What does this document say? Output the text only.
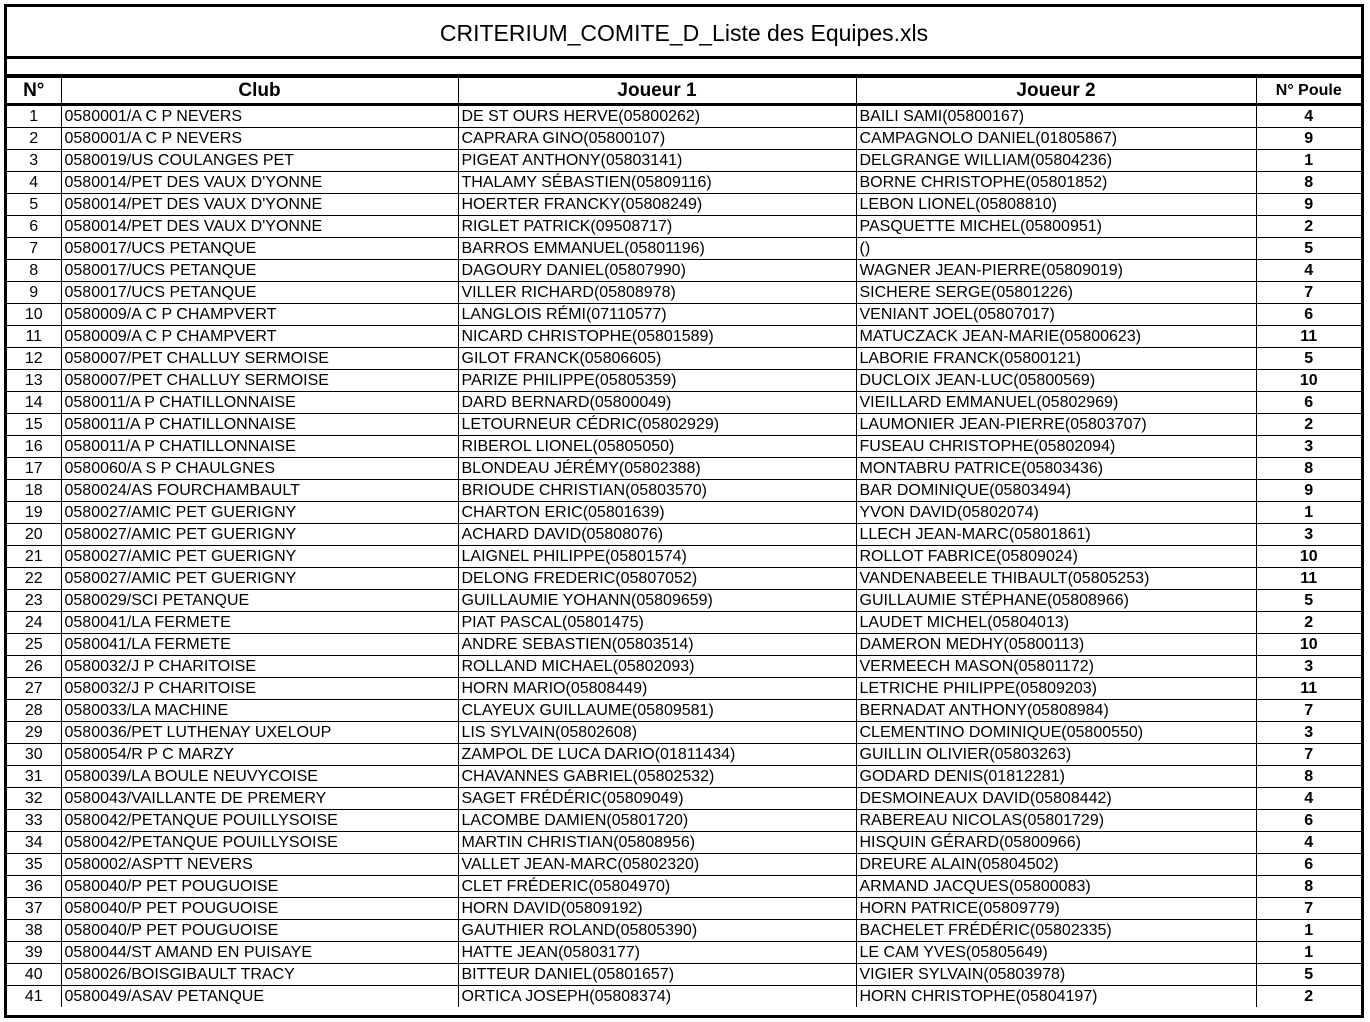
CRITERIUM_COMITE_D_Liste des Equipes.xls
N°	Club	Joueur 1	Joueur 2	N° Poule
1	0580001/A C P NEVERS	DE ST OURS HERVE(05800262)	BAILI SAMI(05800167)	4
2	0580001/A C P NEVERS	CAPRARA GINO(05800107)	CAMPAGNOLO DANIEL(01805867)	9
3	0580019/US COULANGES PET	PIGEAT ANTHONY(05803141)	DELGRANGE WILLIAM(05804236)	1
4	0580014/PET DES VAUX D'YONNE	THALAMY SÉBASTIEN(05809116)	BORNE CHRISTOPHE(05801852)	8
5	0580014/PET DES VAUX D'YONNE	HOERTER FRANCKY(05808249)	LEBON LIONEL(05808810)	9
6	0580014/PET DES VAUX D'YONNE	RIGLET PATRICK(09508717)	PASQUETTE MICHEL(05800951)	2
7	0580017/UCS PETANQUE	BARROS EMMANUEL(05801196)	()	5
8	0580017/UCS PETANQUE	DAGOURY DANIEL(05807990)	WAGNER JEAN-PIERRE(05809019)	4
9	0580017/UCS PETANQUE	VILLER RICHARD(05808978)	SICHERE SERGE(05801226)	7
10	0580009/A C P CHAMPVERT	LANGLOIS RÉMI(07110577)	VENIANT JOEL(05807017)	6
11	0580009/A C P CHAMPVERT	NICARD CHRISTOPHE(05801589)	MATUCZACK JEAN-MARIE(05800623)	11
12	0580007/PET CHALLUY SERMOISE	GILOT FRANCK(05806605)	LABORIE FRANCK(05800121)	5
13	0580007/PET CHALLUY SERMOISE	PARIZE PHILIPPE(05805359)	DUCLOIX JEAN-LUC(05800569)	10
14	0580011/A P CHATILLONNAISE	DARD BERNARD(05800049)	VIEILLARD EMMANUEL(05802969)	6
15	0580011/A P CHATILLONNAISE	LETOURNEUR CÉDRIC(05802929)	LAUMONIER JEAN-PIERRE(05803707)	2
16	0580011/A P CHATILLONNAISE	RIBEROL LIONEL(05805050)	FUSEAU CHRISTOPHE(05802094)	3
17	0580060/A S P CHAULGNES	BLONDEAU JÉRÉMY(05802388)	MONTABRU PATRICE(05803436)	8
18	0580024/AS FOURCHAMBAULT	BRIOUDE CHRISTIAN(05803570)	BAR DOMINIQUE(05803494)	9
19	0580027/AMIC PET GUERIGNY	CHARTON ERIC(05801639)	YVON DAVID(05802074)	1
20	0580027/AMIC PET GUERIGNY	ACHARD DAVID(05808076)	LLECH JEAN-MARC(05801861)	3
21	0580027/AMIC PET GUERIGNY	LAIGNEL PHILIPPE(05801574)	ROLLOT FABRICE(05809024)	10
22	0580027/AMIC PET GUERIGNY	DELONG FREDERIC(05807052)	VANDENABEELE THIBAULT(05805253)	11
23	0580029/SCI PETANQUE	GUILLAUMIE YOHANN(05809659)	GUILLAUMIE STÉPHANE(05808966)	5
24	0580041/LA FERMETE	PIAT PASCAL(05801475)	LAUDET MICHEL(05804013)	2
25	0580041/LA FERMETE	ANDRE SEBASTIEN(05803514)	DAMERON MEDHY(05800113)	10
26	0580032/J P CHARITOISE	ROLLAND MICHAEL(05802093)	VERMEECH MASON(05801172)	3
27	0580032/J P CHARITOISE	HORN MARIO(05808449)	LETRICHE PHILIPPE(05809203)	11
28	0580033/LA MACHINE	CLAYEUX GUILLAUME(05809581)	BERNADAT ANTHONY(05808984)	7
29	0580036/PET LUTHENAY UXELOUP	LIS SYLVAIN(05802608)	CLEMENTINO DOMINIQUE(05800550)	3
30	0580054/R P C MARZY	ZAMPOL DE LUCA DARIO(01811434)	GUILLIN OLIVIER(05803263)	7
31	0580039/LA BOULE NEUVYCOISE	CHAVANNES GABRIEL(05802532)	GODARD DENIS(01812281)	8
32	0580043/VAILLANTE DE PREMERY	SAGET FRÉDÉRIC(05809049)	DESMOINEAUX DAVID(05808442)	4
33	0580042/PETANQUE POUILLYSOISE	LACOMBE DAMIEN(05801720)	RABEREAU NICOLAS(05801729)	6
34	0580042/PETANQUE POUILLYSOISE	MARTIN CHRISTIAN(05808956)	HISQUIN GÉRARD(05800966)	4
35	0580002/ASPTT NEVERS	VALLET JEAN-MARC(05802320)	DREURE ALAIN(05804502)	6
36	0580040/P PET POUGUOISE	CLET FRÉDERIC(05804970)	ARMAND JACQUES(05800083)	8
37	0580040/P PET POUGUOISE	HORN DAVID(05809192)	HORN PATRICE(05809779)	7
38	0580040/P PET POUGUOISE	GAUTHIER ROLAND(05805390)	BACHELET FRÉDÉRIC(05802335)	1
39	0580044/ST AMAND EN PUISAYE	HATTE JEAN(05803177)	LE CAM YVES(05805649)	1
40	0580026/BOISGIBAULT TRACY	BITTEUR DANIEL(05801657)	VIGIER SYLVAIN(05803978)	5
41	0580049/ASAV PETANQUE	ORTICA JOSEPH(05808374)	HORN CHRISTOPHE(05804197)	2
